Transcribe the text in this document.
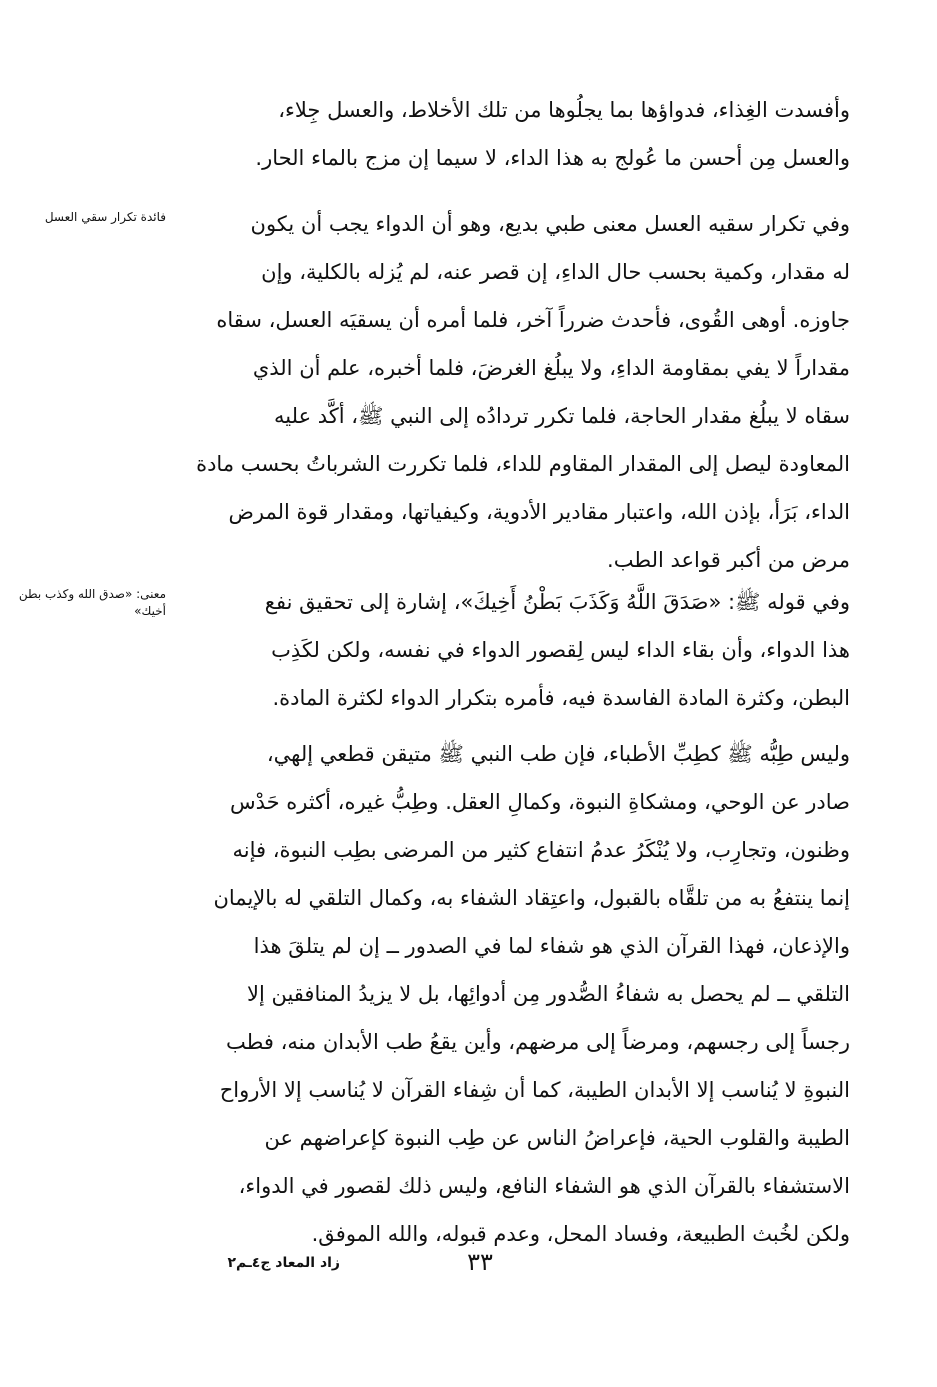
وأفسدت الغِذاء، فدواؤها بما يجلُوها من تلك الأخلاط، والعسل جِلاء،
والعسل مِن أحسن ما عُولج به هذا الداء، لا سيما إن مزج بالماء الحار.
فائدة تكرار سقي العسل	وفي تكرار سقيه العسل معنى طبي بديع، وهو أن الدواء يجب أن يكون
له مقدار، وكمية بحسب حال الداءِ، إن قصر عنه، لم يُزله بالكلية، وإن
جاوزه. أوهى القُوى، فأحدث ضرراً آخر، فلما أمره أن يسقيَه العسل، سقاه
مقداراً لا يفي بمقاومة الداءِ، ولا يبلُغ الغرضَ، فلما أخبره، علم أن الذي
سقاه لا يبلُغ مقدار الحاجة، فلما تكرر تردادُه إلى النبي ﷺ، أكَّد عليه
المعاودة ليصل إلى المقدار المقاوم للداء، فلما تكررت الشرباتُ بحسب مادة
الداء، بَرَأ، بإذن الله، واعتبار مقادير الأدوية، وكيفياتها، ومقدار قوة المرض
مرض من أكبر قواعد الطب.
معنى: «صدق الله وكذب بطن أخيك»	وفي قوله ﷺ: «صَدَقَ اللَّهُ وَكَذَبَ بَطْنُ أَخِيكَ»، إشارة إلى تحقيق نفع
هذا الدواء، وأن بقاء الداء ليس لِقصور الدواء في نفسه، ولكن لكَذِب
البطن، وكثرة المادة الفاسدة فيه، فأمره بتكرار الدواء لكثرة المادة.
وليس طِبُّه ﷺ كطِبِّ الأطباء، فإن طب النبي ﷺ متيقن قطعي إلهي،
صادر عن الوحي، ومشكاةِ النبوة، وكمالِ العقل. وطِبُّ غيره، أكثره حَدْس
وظنون، وتجارِب، ولا يُنْكَرُ عدمُ انتفاع كثير من المرضى بطِب النبوة، فإنه
إنما ينتفعُ به من تلقَّاه بالقبول، واعتِقاد الشفاء به، وكمال التلقي له بالإيمان
والإذعان، فهذا القرآن الذي هو شفاء لما في الصدور ــ إن لم يتلقَ هذا
التلقي ــ لم يحصل به شفاءُ الصُّدور مِن أدوائِها، بل لا يزيدُ المنافقين إلا
رجساً إلى رجسهم، ومرضاً إلى مرضهم، وأين يقعُ طب الأبدان منه، فطب
النبوةِ لا يُناسب إلا الأبدان الطيبة، كما أن شِفاء القرآن لا يُناسب إلا الأرواح
الطيبة والقلوب الحية، فإعراضُ الناس عن طِب النبوة كإعراضهم عن
الاستشفاء بالقرآن الذي هو الشفاء النافع، وليس ذلك لقصور في الدواء،
ولكن لخُبث الطبيعة، وفساد المحل، وعدم قبوله، والله الموفق.
٣٣
زاد المعاد ج٤ـم٢
